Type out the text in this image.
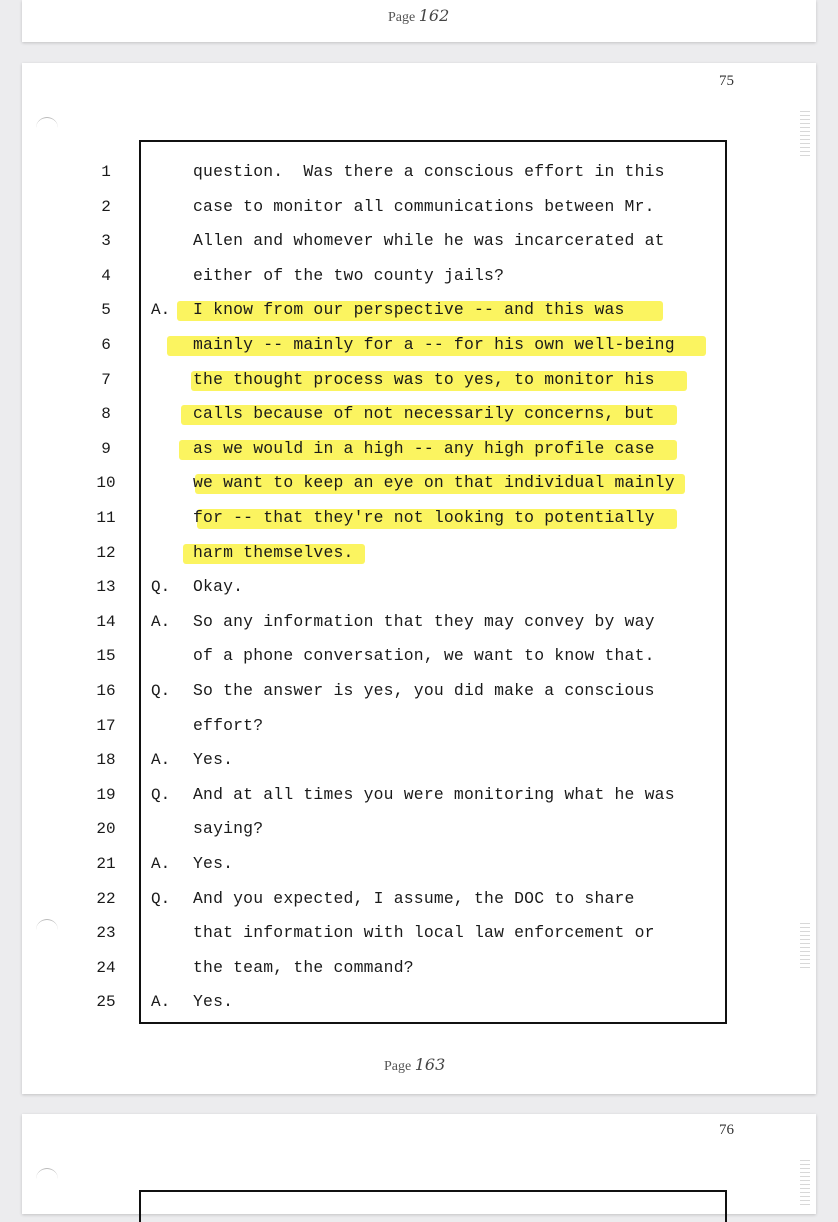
Page 162
75
1	question.  Was there a conscious effort in this
2	case to monitor all communications between Mr.
3	Allen and whomever while he was incarcerated at
4	either of the two county jails?
5	A. I know from our perspective -- and this was
6	mainly -- mainly for a -- for his own well-being
7	the thought process was to yes, to monitor his
8	calls because of not necessarily concerns, but
9	as we would in a high -- any high profile case
10	we want to keep an eye on that individual mainly
11	for -- that they're not looking to potentially
12	harm themselves.
13	Q. Okay.
14	A. So any information that they may convey by way
15	of a phone conversation, we want to know that.
16	Q. So the answer is yes, you did make a conscious
17	effort?
18	A. Yes.
19	Q. And at all times you were monitoring what he was
20	saying?
21	A. Yes.
22	Q. And you expected, I assume, the DOC to share
23	that information with local law enforcement or
24	the team, the command?
25	A. Yes.
Page 163
76
